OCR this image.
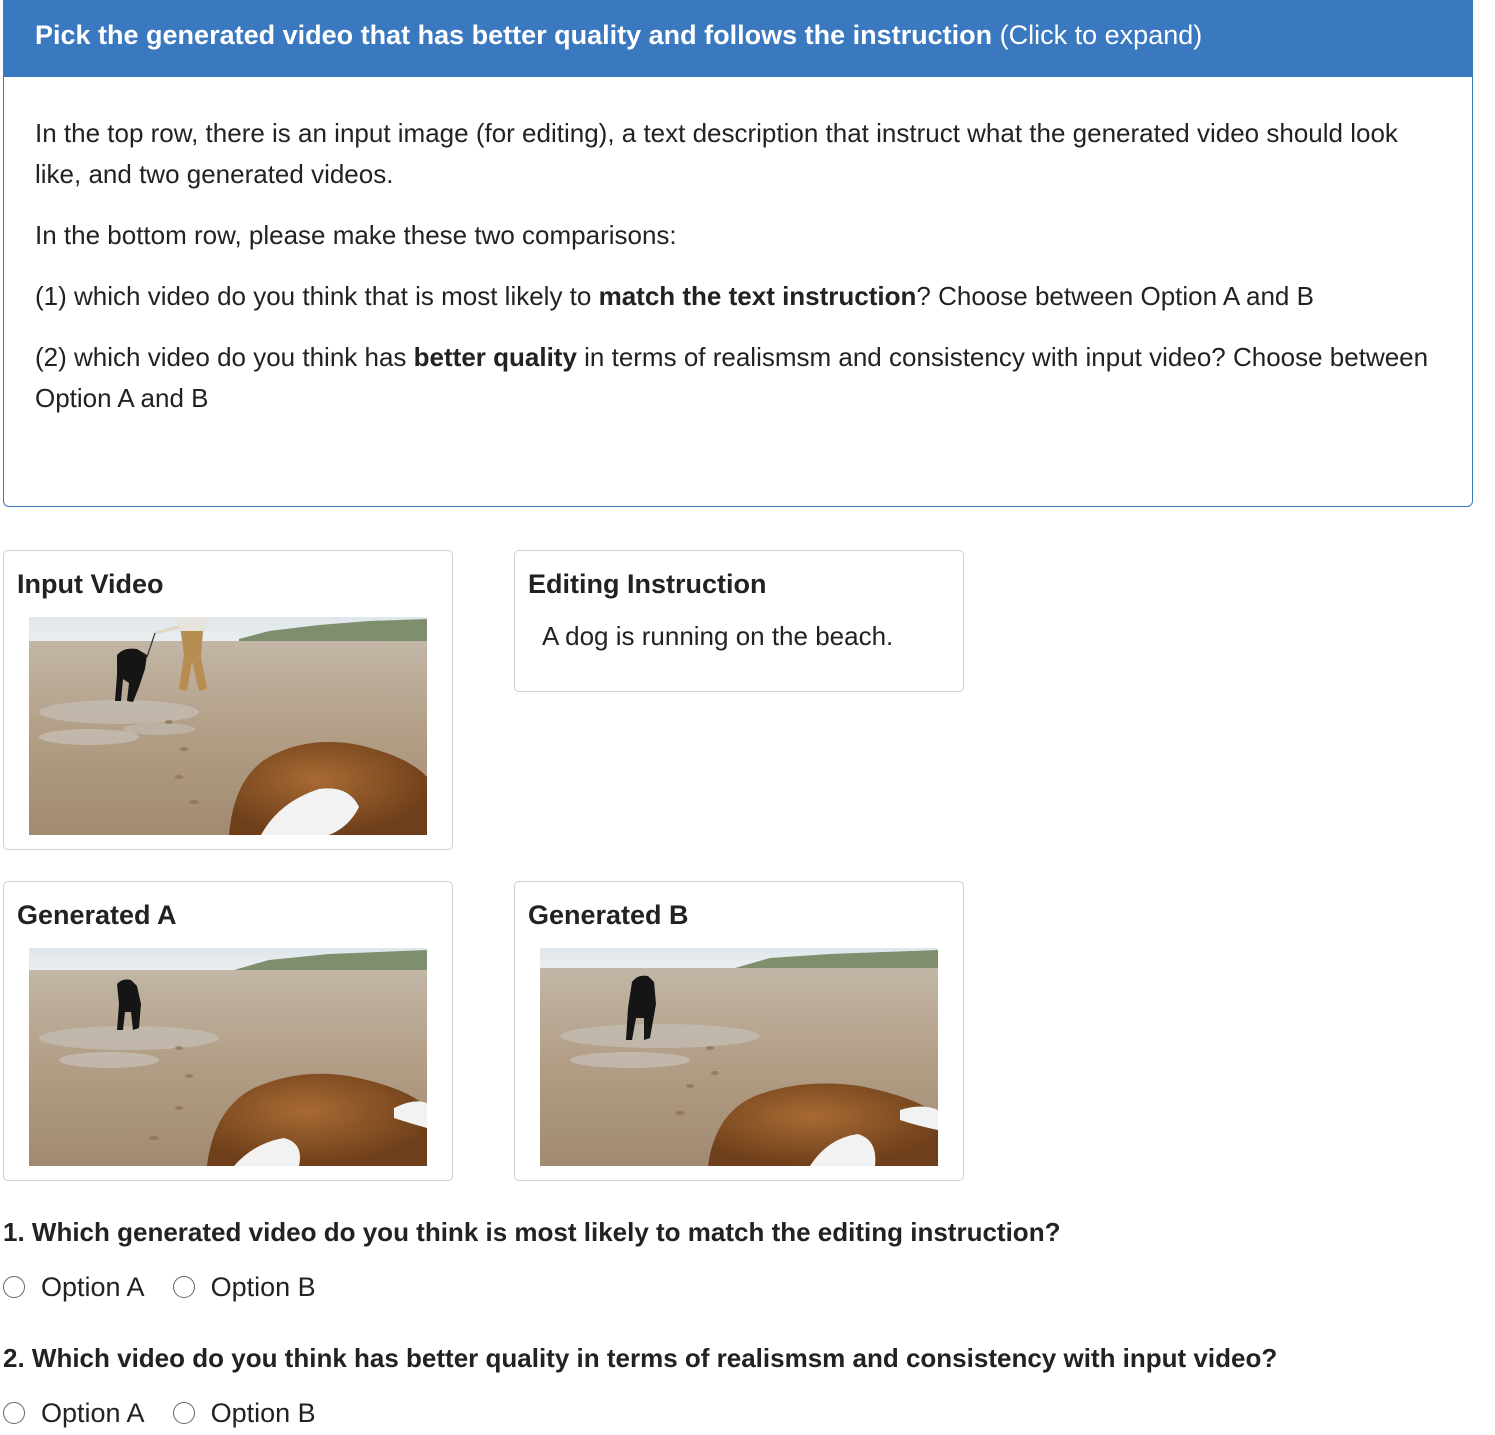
Pick the generated video that has better quality and follows the instruction (Click to expand)

In the top row, there is an input image (for editing), a text description that instruct what the generated video should look like, and two generated videos.

In the bottom row, please make these two comparisons:

(1) which video do you think that is most likely to match the text instruction? Choose between Option A and B

(2) which video do you think has better quality in terms of realismsm and consistency with input video? Choose between Option A and B

Input Video	Editing Instruction
A dog is running on the beach.
Generated A	Generated B
1. Which generated video do you think is most likely to match the editing instruction?
Option A Option B
2. Which video do you think has better quality in terms of realismsm and consistency with input video?
Option A Option B
